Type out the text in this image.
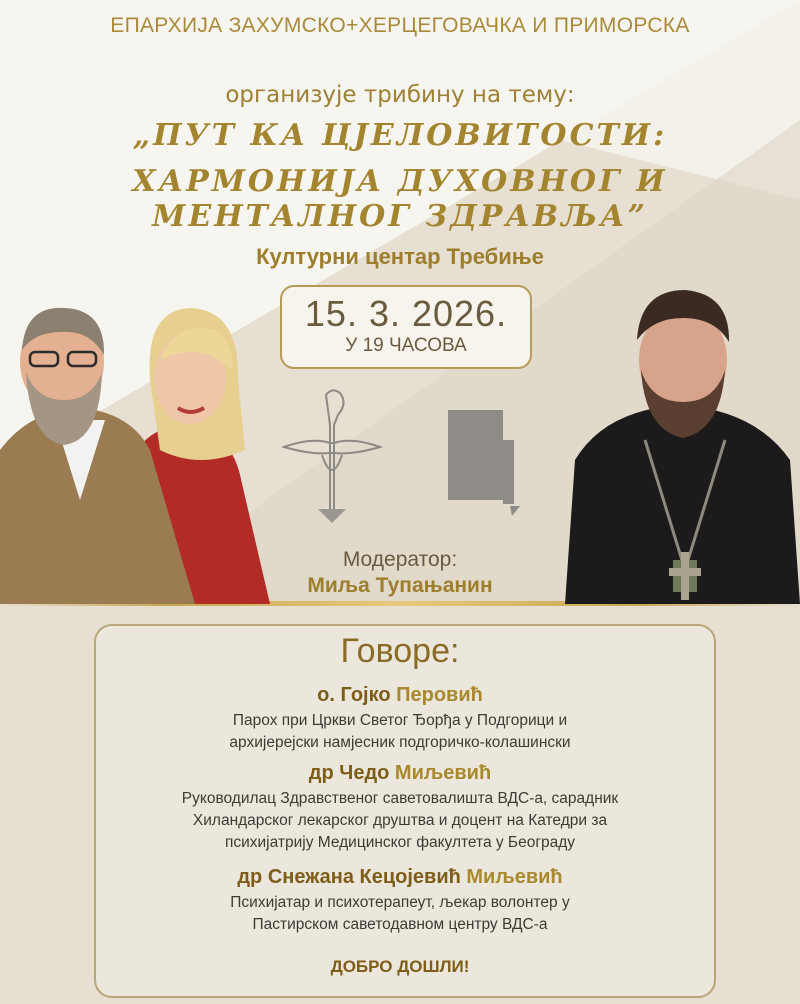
ЕПАРХИЈА ЗАХУМСКО+ХЕРЦЕГОВАЧКА И ПРИМОРСКА
организује трибину на тему:
„ПУТ КА ЦЈЕЛОВИТОСТИ:
ХАРМОНИЈА ДУХОВНОГ И МЕНТАЛНОГ ЗДРАВЉА”
Културни центар Требиње
15. 3. 2026.
У 19 ЧАСОВА
Модератор:
Миља Тупањанин
Говоре:
о. Гојко Перовић
Парох при Цркви Светог Ђорђа у Подгорици и
архијерејски намјесник подгоричко-колашински
др Чедо Миљевић
Руководилац Здравственог саветовалишта ВДС-а, сарадник
Хиландарског лекарског друштва и доцент на Катедри за
психијатрију Медицинског факултета у Београду
др Снежана Кецојевић Миљевић
Психијатар и психотерапеут, љекар волонтер у
Пастирском саветодавном центру ВДС-а
ДОБРО ДОШЛИ!
